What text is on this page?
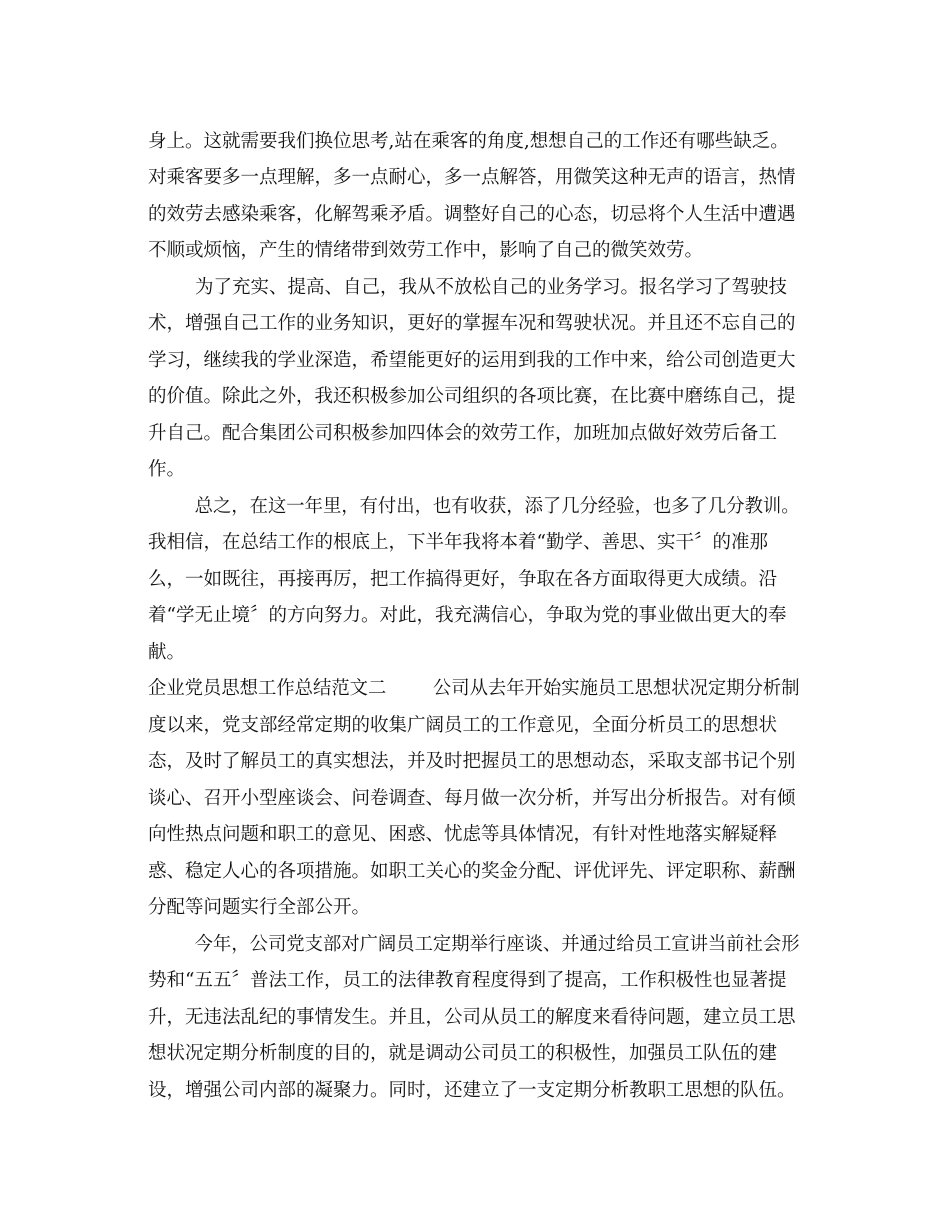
身上。这就需要我们换位思考,站在乘客的角度,想想自己的工作还有哪些缺乏。
对乘客要多一点理解，多一点耐心，多一点解答，用微笑这种无声的语言，热情
的效劳去感染乘客，化解驾乘矛盾。调整好自己的心态，切忌将个人生活中遭遇
不顺或烦恼，产生的情绪带到效劳工作中，影响了自己的微笑效劳。
为了充实、提高、自己，我从不放松自己的业务学习。报名学习了驾驶技
术，增强自己工作的业务知识，更好的掌握车况和驾驶状况。并且还不忘自己的
学习，继续我的学业深造，希望能更好的运用到我的工作中来，给公司创造更大
的价值。除此之外，我还积极参加公司组织的各项比赛，在比赛中磨练自己，提
升自己。配合集团公司积极参加四体会的效劳工作，加班加点做好效劳后备工
作。
总之，在这一年里，有付出，也有收获，添了几分经验，也多了几分教训。
我相信，在总结工作的根底上，下半年我将本着“勤学、善思、实干〞的准那
么，一如既往，再接再厉，把工作搞得更好，争取在各方面取得更大成绩。沿
着“学无止境〞的方向努力。对此，我充满信心，争取为党的事业做出更大的奉
献。
企业党员思想工作总结范文二        公司从去年开始实施员工思想状况定期分析制
度以来，党支部经常定期的收集广阔员工的工作意见，全面分析员工的思想状
态，及时了解员工的真实想法，并及时把握员工的思想动态，采取支部书记个别
谈心、召开小型座谈会、问卷调查、每月做一次分析，并写出分析报告。对有倾
向性热点问题和职工的意见、困惑、忧虑等具体情况，有针对性地落实解疑释
惑、稳定人心的各项措施。如职工关心的奖金分配、评优评先、评定职称、薪酬
分配等问题实行全部公开。
今年，公司党支部对广阔员工定期举行座谈、并通过给员工宣讲当前社会形
势和“五五〞普法工作，员工的法律教育程度得到了提高，工作积极性也显著提
升，无违法乱纪的事情发生。并且，公司从员工的解度来看待问题，建立员工思
想状况定期分析制度的目的，就是调动公司员工的积极性，加强员工队伍的建
设，增强公司内部的凝聚力。同时，还建立了一支定期分析教职工思想的队伍。
